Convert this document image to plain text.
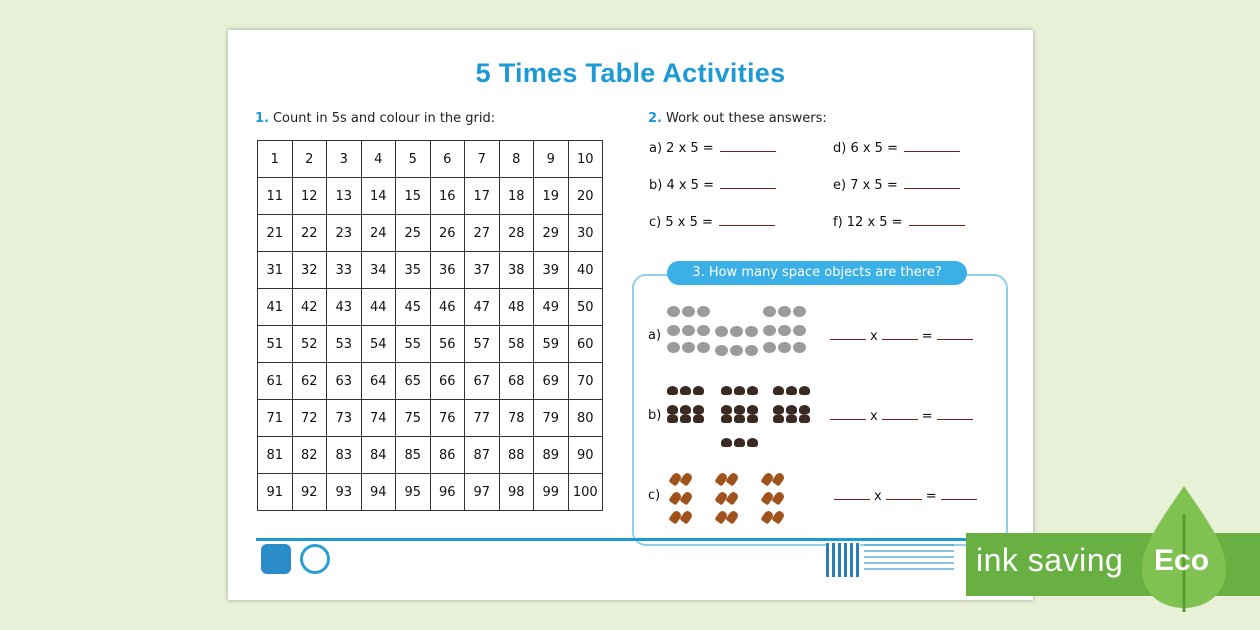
5 Times Table Activities
1. Count in 5s and colour in the grid:
1	2	3	4	5	6	7	8	9	10
11	12	13	14	15	16	17	18	19	20
21	22	23	24	25	26	27	28	29	30
31	32	33	34	35	36	37	38	39	40
41	42	43	44	45	46	47	48	49	50
51	52	53	54	55	56	57	58	59	60
61	62	63	64	65	66	67	68	69	70
71	72	73	74	75	76	77	78	79	80
81	82	83	84	85	86	87	88	89	90
91	92	93	94	95	96	97	98	99	100
2. Work out these answers:
a) 2 x 5 =	d) 6 x 5 =
b) 4 x 5 =	e) 7 x 5 =
c) 5 x 5 =	f) 12 x 5 =
3. How many space objects are there?
a)	x	=
b)	x	=
c)	x	=
ink saving Eco
